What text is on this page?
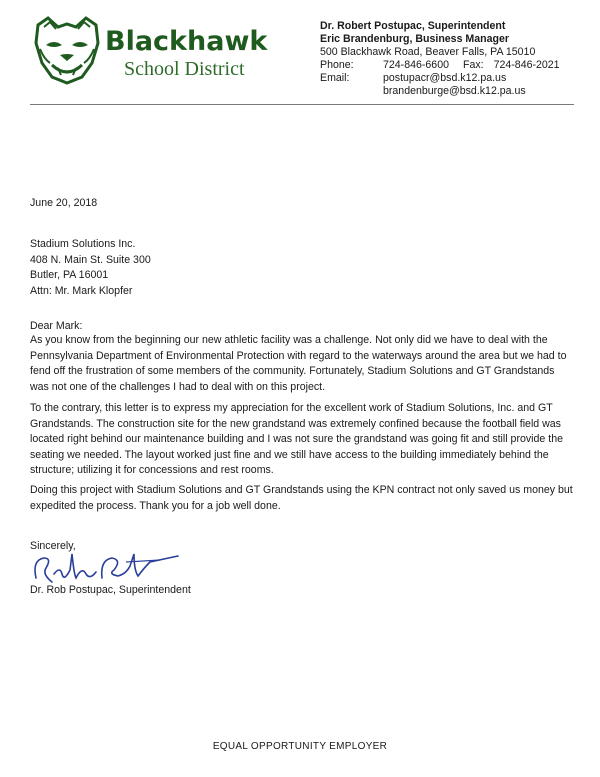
Blackhawk
School District
Dr. Robert Postupac, Superintendent
Eric Brandenburg, Business Manager
500 Blackhawk Road, Beaver Falls, PA 15010
Phone:	724-846-6600 Fax: 724-846-2021
Email:	postupacr@bsd.k12.pa.us
brandenburge@bsd.k12.pa.us
June 20, 2018
Stadium Solutions Inc.
408 N. Main St. Suite 300
Butler, PA 16001
Attn: Mr. Mark Klopfer
Dear Mark:
As you know from the beginning our new athletic facility was a challenge. Not only did we have to deal with the Pennsylvania Department of Environmental Protection with regard to the waterways around the area but we had to fend off the frustration of some members of the community. Fortunately, Stadium Solutions and GT Grandstands was not one of the challenges I had to deal with on this project.
To the contrary, this letter is to express my appreciation for the excellent work of Stadium Solutions, Inc. and GT Grandstands. The construction site for the new grandstand was extremely confined because the football field was located right behind our maintenance building and I was not sure the grandstand was going fit and still provide the seating we needed. The layout worked just fine and we still have access to the building immediately behind the structure; utilizing it for concessions and rest rooms.
Doing this project with Stadium Solutions and GT Grandstands using the KPN contract not only saved us money but expedited the process. Thank you for a job well done.
Sincerely,
Dr. Rob Postupac, Superintendent
EQUAL OPPORTUNITY EMPLOYER
